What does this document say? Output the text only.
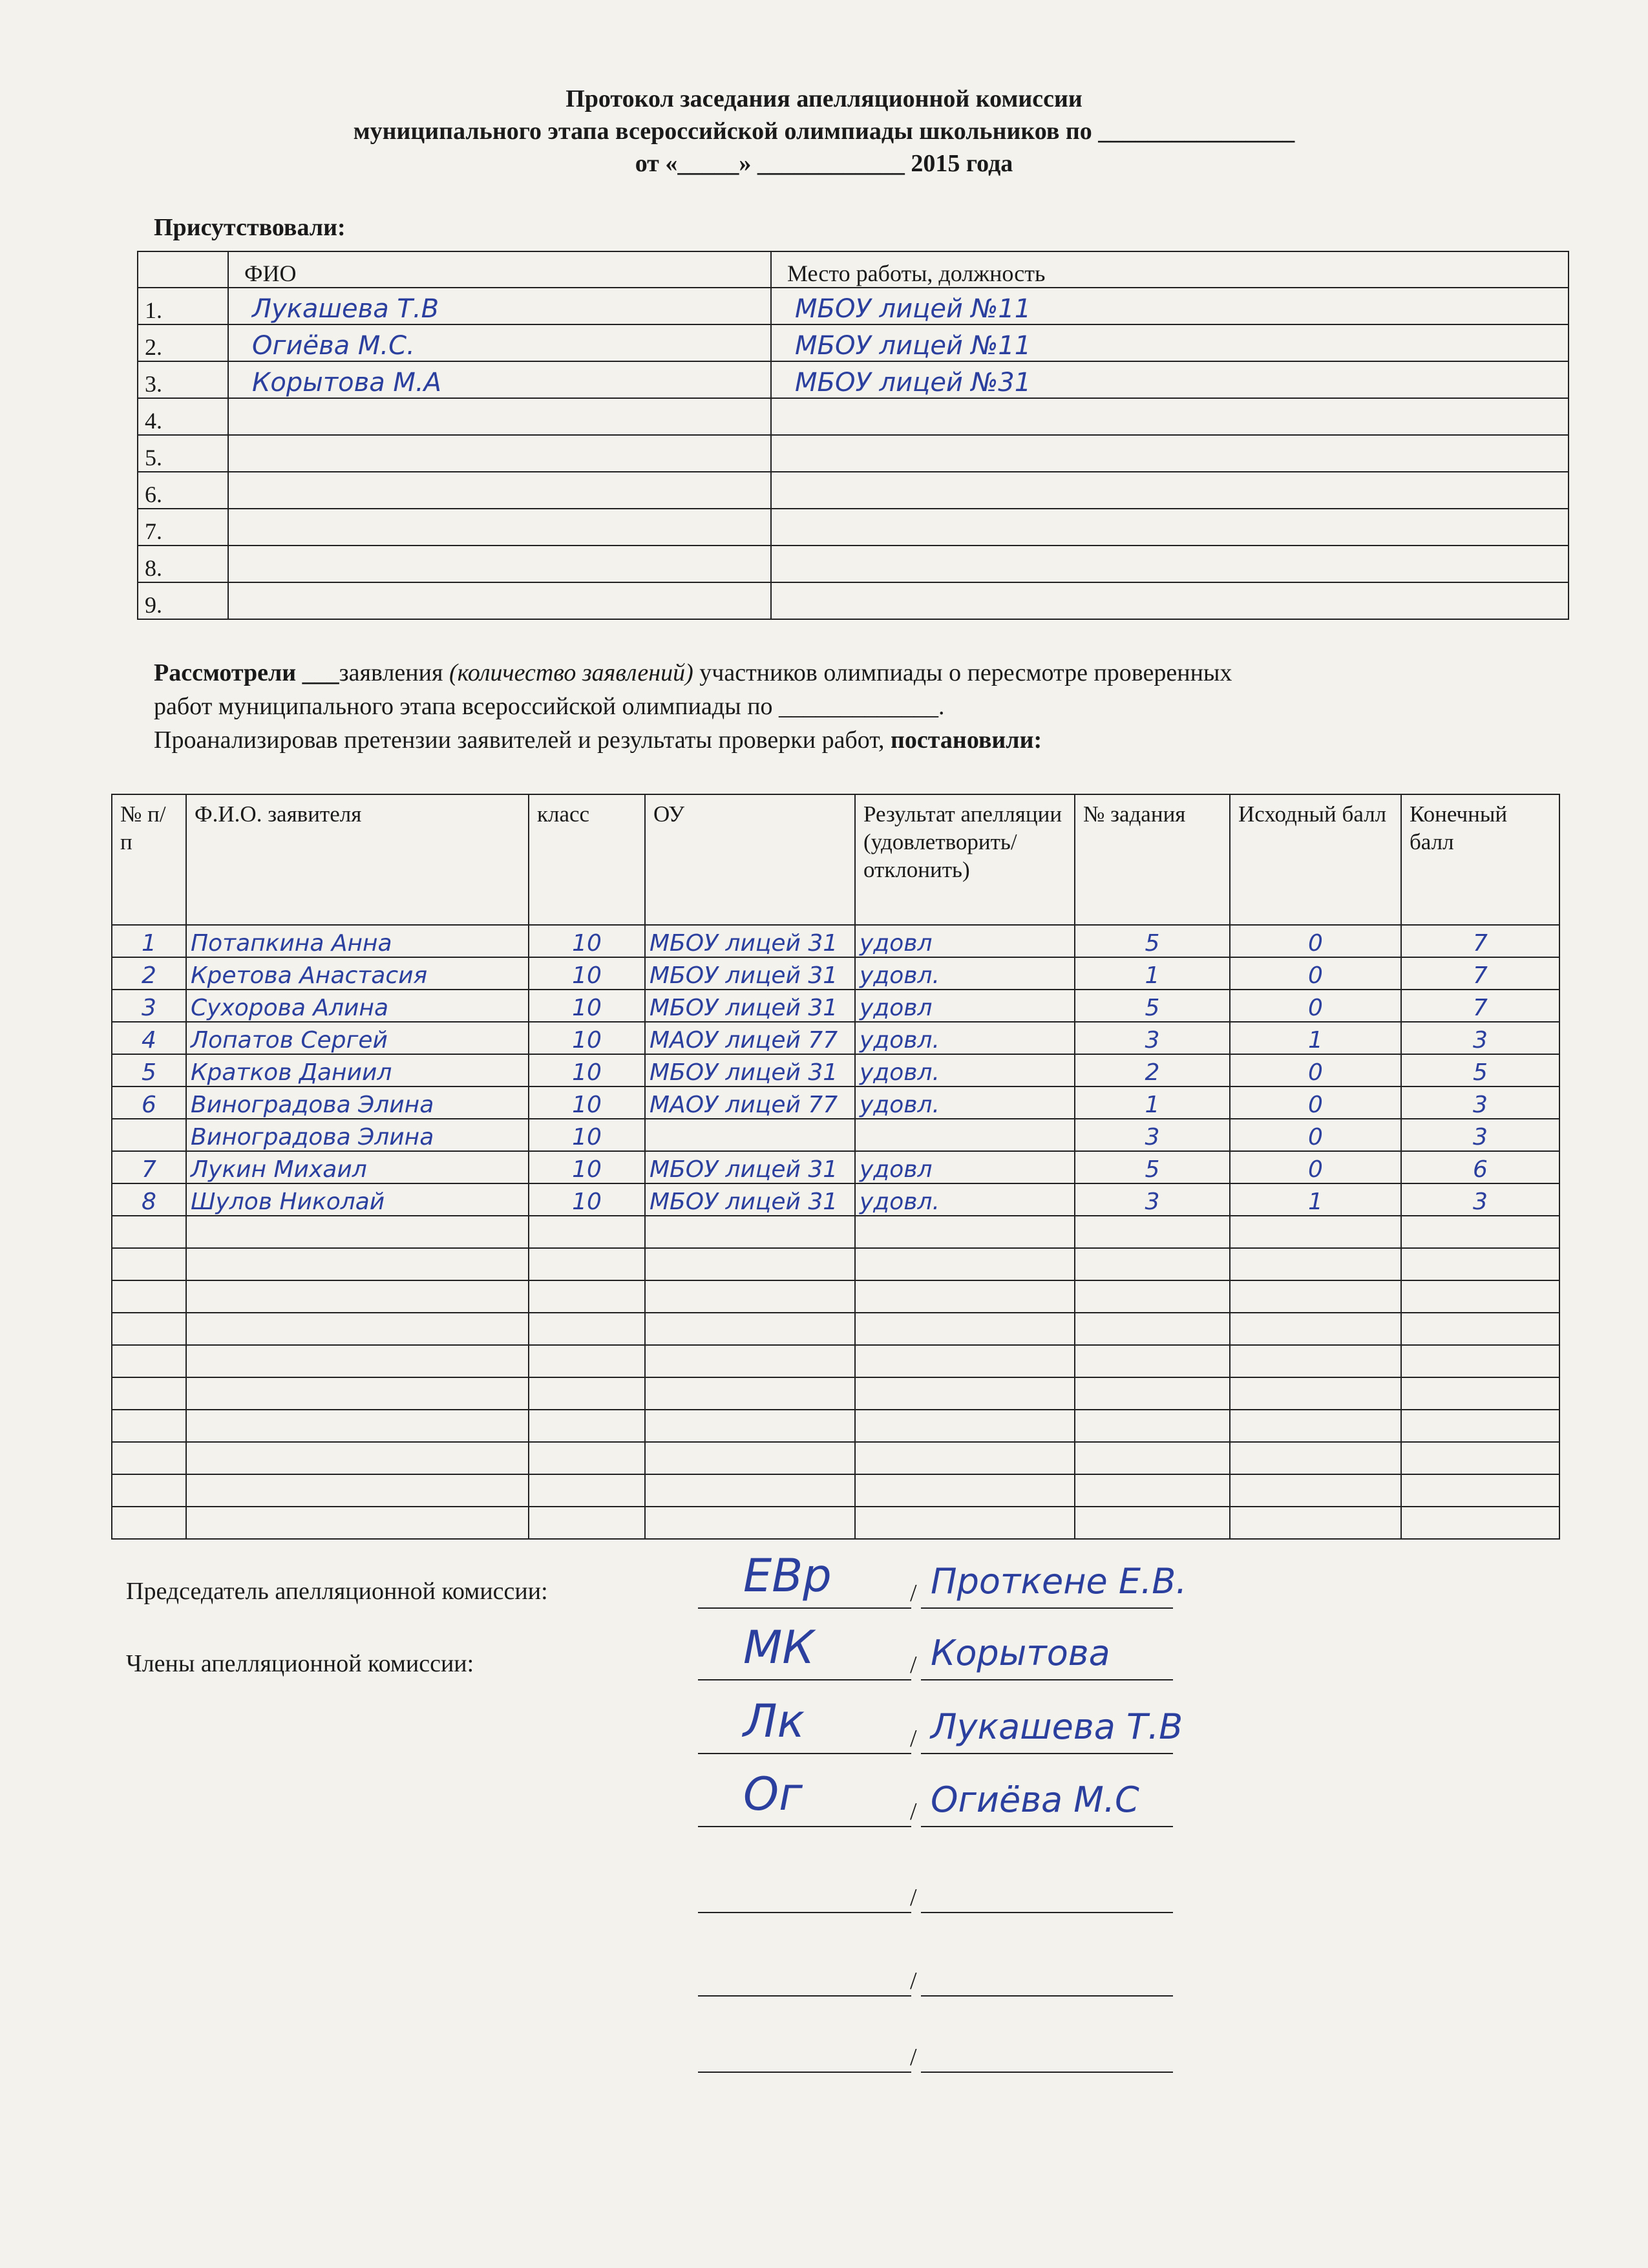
Протокол заседания апелляционной комиссии
муниципального этапа всероссийской олимпиады школьников по ________________
от «_____» ____________ 2015 года
Присутствовали:
	ФИО	Место работы, должность
1.	Лукашева Т.В	МБОУ лицей №11
2.	Огиёва М.С.	МБОУ лицей №11
3.	Корытова М.А	МБОУ лицей №31
4.		
5.		
6.		
7.		
8.		
9.		
Рассмотрели ___заявления (количество заявлений) участников олимпиады о пересмотре проверенных
работ муниципального этапа всероссийской олимпиады по _____________.
Проанализировав претензии заявителей и результаты проверки работ, постановили:
№ п/п	Ф.И.О. заявителя	класс	ОУ	Результат апелляции (удовлетворить/ отклонить)	№ задания	Исходный балл	Конечный балл
1	Потапкина Анна	10	МБОУ лицей 31	удовл	5	0	7
2	Кретова Анастасия	10	МБОУ лицей 31	удовл.	1	0	7
3	Сухорова Алина	10	МБОУ лицей 31	удовл	5	0	7
4	Лопатов Сергей	10	МАОУ лицей 77	удовл.	3	1	3
5	Кратков Даниил	10	МБОУ лицей 31	удовл.	2	0	5
6	Виноградова Элина	10	МАОУ лицей 77	удовл.	1	0	3
	Виноградова Элина	10			3	0	3
7	Лукин Михаил	10	МБОУ лицей 31	удовл	5	0	6
8	Шулов Николай	10	МБОУ лицей 31	удовл.	3	1	3

Председатель апелляционной комиссии:
Члены апелляционной комиссии:
/
ЕВр	Проткене Е.В.
/
МК	Корытова
/
Лк	Лукашева Т.В
/
Ог	Огиёва М.С
/
/
/
